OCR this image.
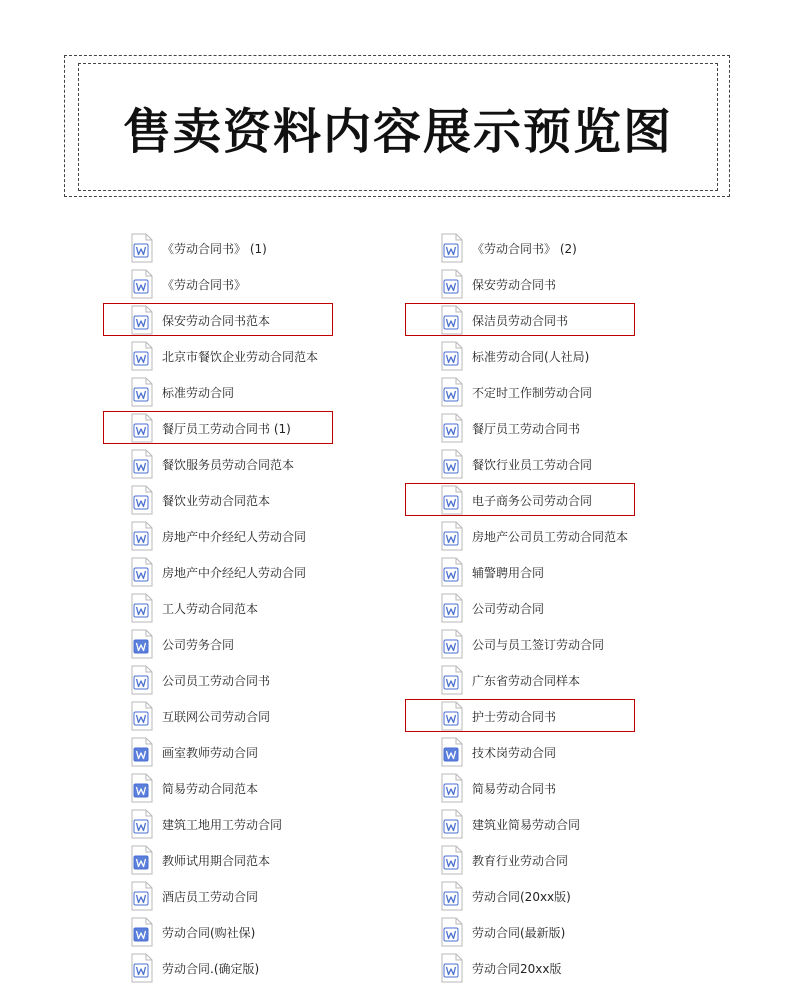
售卖资料内容展示预览图
《劳动合同书》 (1)
《劳动合同书》
保安劳动合同书范本
北京市餐饮企业劳动合同范本
标准劳动合同
餐厅员工劳动合同书 (1)
餐饮服务员劳动合同范本
餐饮业劳动合同范本
房地产中介经纪人劳动合同
房地产中介经纪人劳动合同
工人劳动合同范本
公司劳务合同
公司员工劳动合同书
互联网公司劳动合同
画室教师劳动合同
简易劳动合同范本
建筑工地用工劳动合同
教师试用期合同范本
酒店员工劳动合同
劳动合同(购社保)
劳动合同.(确定版)
《劳动合同书》 (2)
保安劳动合同书
保洁员劳动合同书
标准劳动合同(人社局)
不定时工作制劳动合同
餐厅员工劳动合同书
餐饮行业员工劳动合同
电子商务公司劳动合同
房地产公司员工劳动合同范本
辅警聘用合同
公司劳动合同
公司与员工签订劳动合同
广东省劳动合同样本
护士劳动合同书
技术岗劳动合同
简易劳动合同书
建筑业简易劳动合同
教育行业劳动合同
劳动合同(20xx版)
劳动合同(最新版)
劳动合同20xx版
